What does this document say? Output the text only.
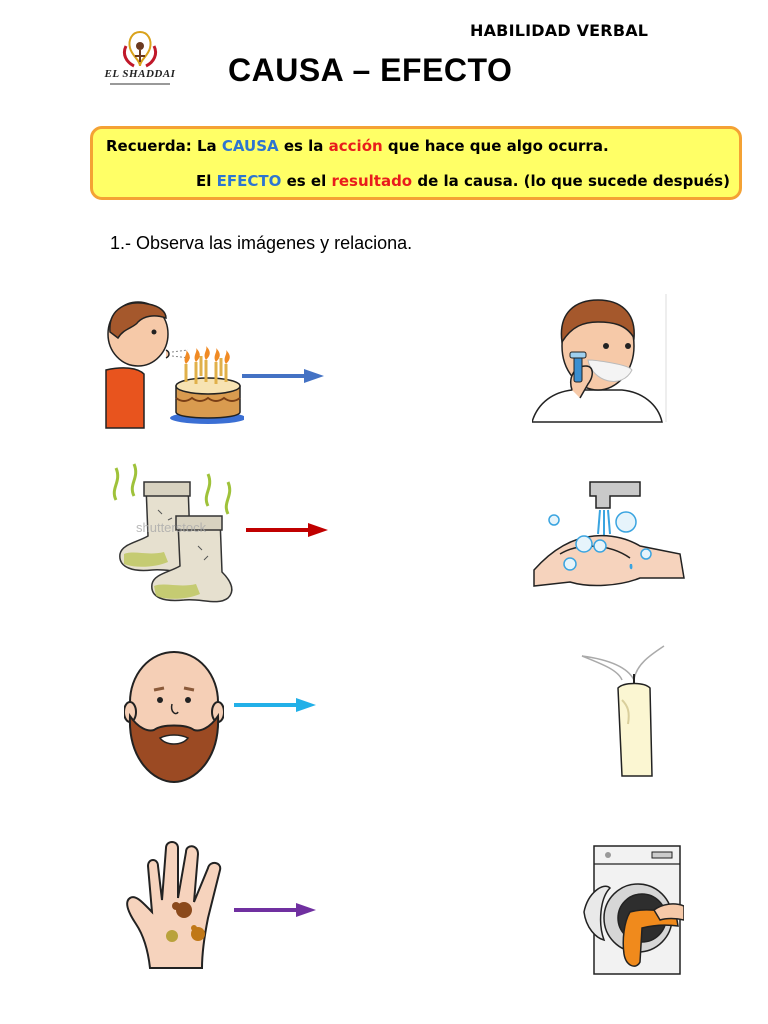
EL SHADDAI
HABILIDAD VERBAL
CAUSA – EFECTO
Recuerda: La CAUSA es la acción que hace que algo ocurra.
El EFECTO es el resultado de la causa. (lo que sucede después)
1.- Observa las imágenes y relaciona.
shutterstock
